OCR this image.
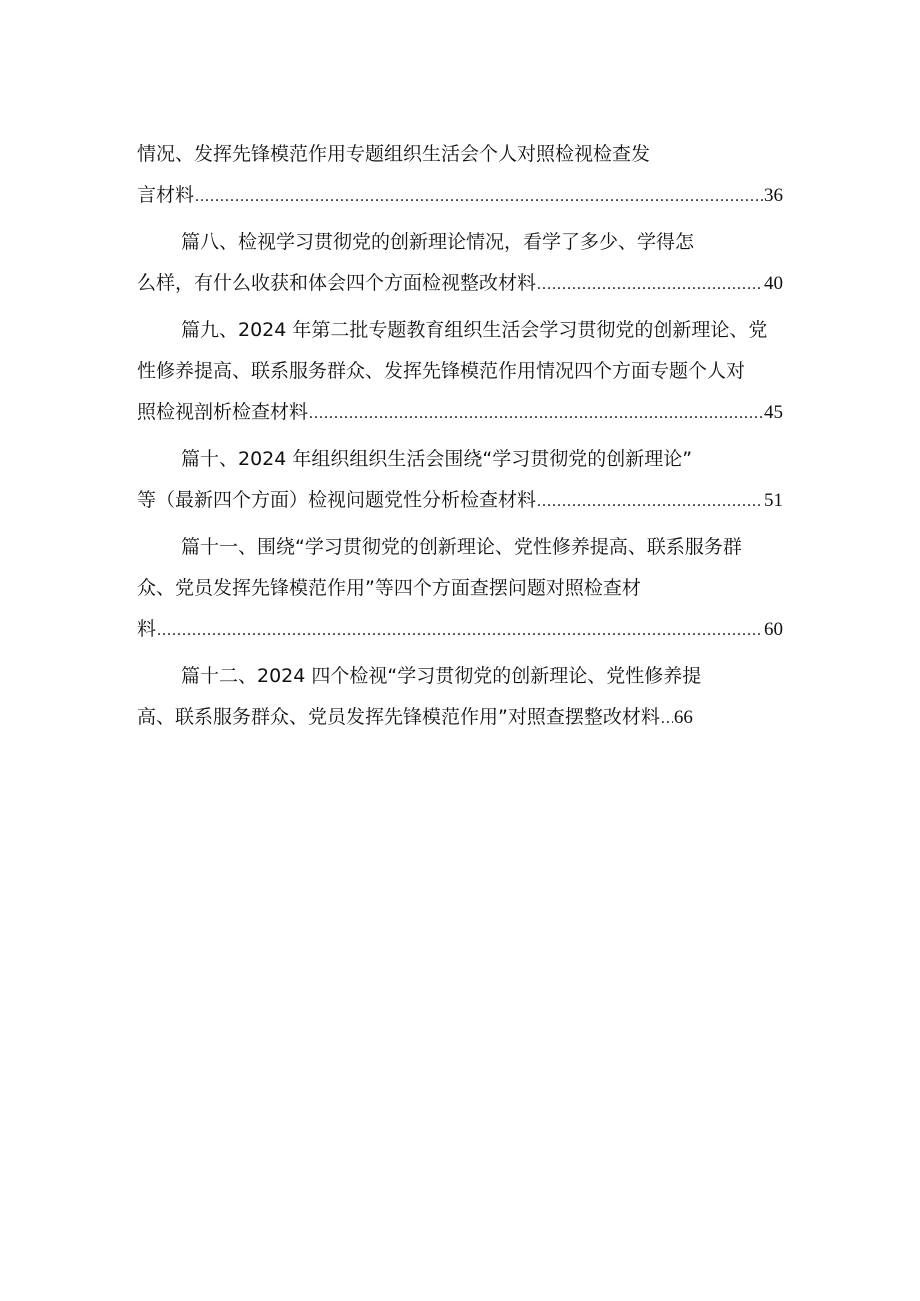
情况、发挥先锋模范作用专题组织生活会个人对照检视检查发
言材料 .....	36
篇八、检视学习贯彻党的创新理论情况，看学了多少、学得怎
么样，有什么收获和体会四个方面检视整改材料 .....	40
篇九、2024 年第二批专题教育组织生活会学习贯彻党的创新理论、党
性修养提高、联系服务群众、发挥先锋模范作用情况四个方面专题个人对
照检视剖析检查材料 .....	45
篇十、2024 年组织组织生活会围绕“学习贯彻党的创新理论”
等（最新四个方面）检视问题党性分析检查材料 .....	51
篇十一、围绕“学习贯彻党的创新理论、党性修养提高、联系服务群
众、党员发挥先锋模范作用”等四个方面查摆问题对照检查材
料 .....	60
篇十二、2024 四个检视“学习贯彻党的创新理论、党性修养提
高、联系服务群众、党员发挥先锋模范作用”对照查摆整改材料 ..... 66
